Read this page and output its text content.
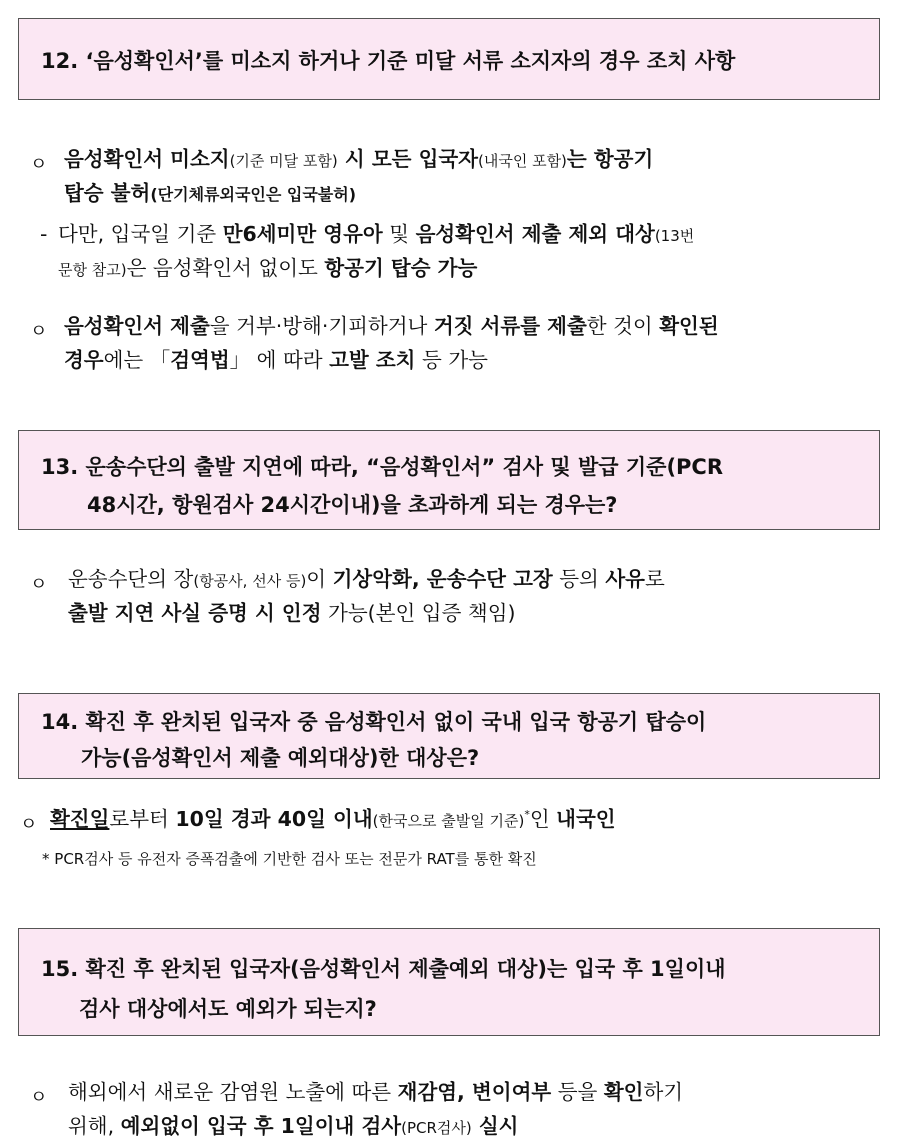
12. ‘음성확인서’를 미소지 하거나 기준 미달 서류 소지자의 경우 조치 사항
ㅇ 음성확인서 미소지(기준 미달 포함) 시 모든 입국자(내국인 포함)는 항공기
탑승 불허(단기체류외국인은 입국불허)
- 다만, 입국일 기준 만6세미만 영유아 및 음성확인서 제출 제외 대상(13번
문항 참고)은 음성확인서 없이도 항공기 탑승 가능
ㅇ 음성확인서 제출을 거부·방해·기피하거나 거짓 서류를 제출한 것이 확인된
경우에는 「검역법」 에 따라 고발 조치 등 가능
13. 운송수단의 출발 지연에 따라, “음성확인서” 검사 및 발급 기준(PCR
48시간, 항원검사 24시간이내)을 초과하게 되는 경우는?
ㅇ 운송수단의 장(항공사, 선사 등)이 기상악화, 운송수단 고장 등의 사유로
출발 지연 사실 증명 시 인정 가능(본인 입증 책임)
14. 확진 후 완치된 입국자 중 음성확인서 없이 국내 입국 항공기 탑승이
가능(음성확인서 제출 예외대상)한 대상은?
ㅇ 확진일로부터 10일 경과 40일 이내(한국으로 출발일 기준)*인 내국인
* PCR검사 등 유전자 증폭검출에 기반한 검사 또는 전문가 RAT를 통한 확진
15. 확진 후 완치된 입국자(음성확인서 제출예외 대상)는 입국 후 1일이내
검사 대상에서도 예외가 되는지?
ㅇ 해외에서 새로운 감염원 노출에 따른 재감염, 변이여부 등을 확인하기
위해, 예외없이 입국 후 1일이내 검사(PCR검사) 실시
